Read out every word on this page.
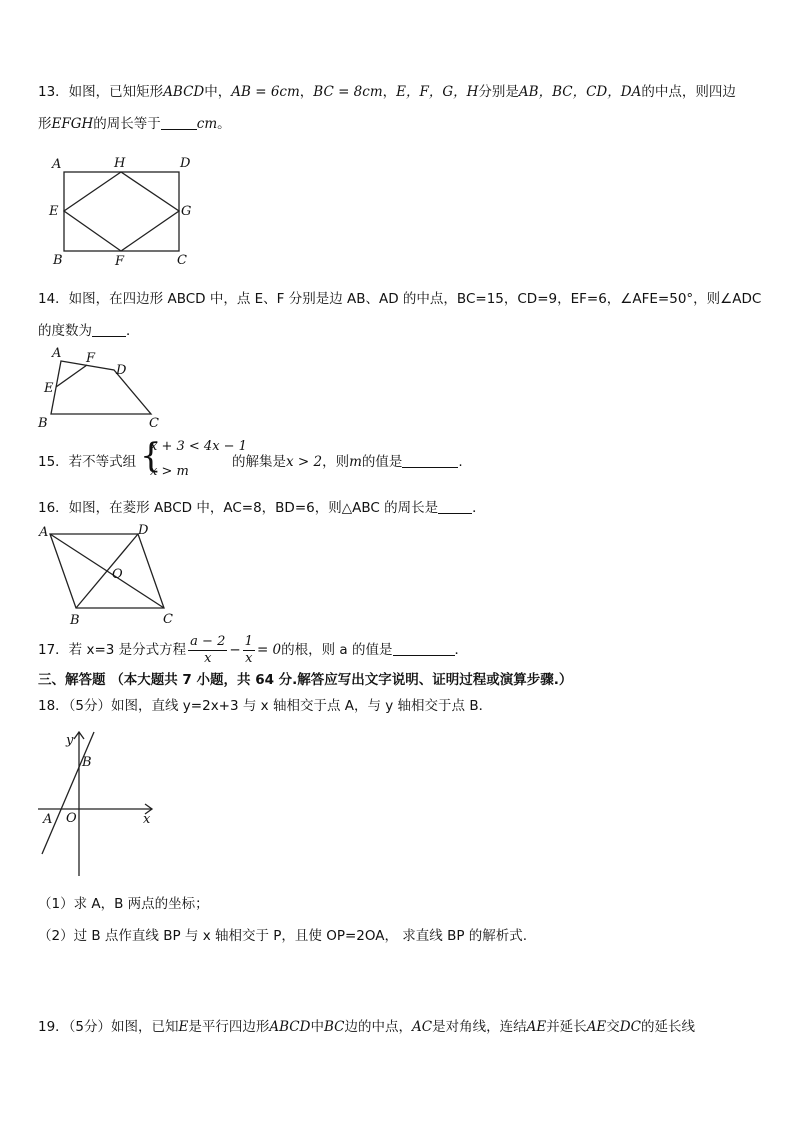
13．如图，已知矩形ABCD中，AB = 6cm，BC = 8cm，E，F，G，H分别是AB，BC，CD，DA的中点，则四边
形EFGH的周长等于	cm。
A	H	D
E	G
B	F	C
14．如图，在四边形 ABCD 中，点 E、F 分别是边 AB、AD 的中点，BC=15，CD=9，EF=6，∠AFE=50°，则∠ADC
的度数为	．
A F
D
E
B	C
15．若不等式组 {
x + 3 < 4x − 1
x > m
的解集是x > 2，则m的值是	.
16．如图，在菱形 ABCD 中，AC=8，BD=6，则△ABC 的周长是	．
A	D
O
B	C
17．若 x=3 是分式方程 $\frac{a - 2}{x} - \frac{1}{x} = 0$的根，则 a 的值是	．
三、解答题 （本大题共 7 小题，共 64 分.解答应写出文字说明、证明过程或演算步骤.）
18．（5分）如图，直线 y=2x+3 与 x 轴相交于点 A，与 y 轴相交于点 B．
y
B
A O	x
（1）求 A，B 两点的坐标；
（2）过 B 点作直线 BP 与 x 轴相交于 P，且使 OP=2OA， 求直线 BP 的解析式.
19．（5分）如图，已知E是平行四边形ABCD中BC边的中点，AC是对角线，连结AE并延长AE交DC的延长线
